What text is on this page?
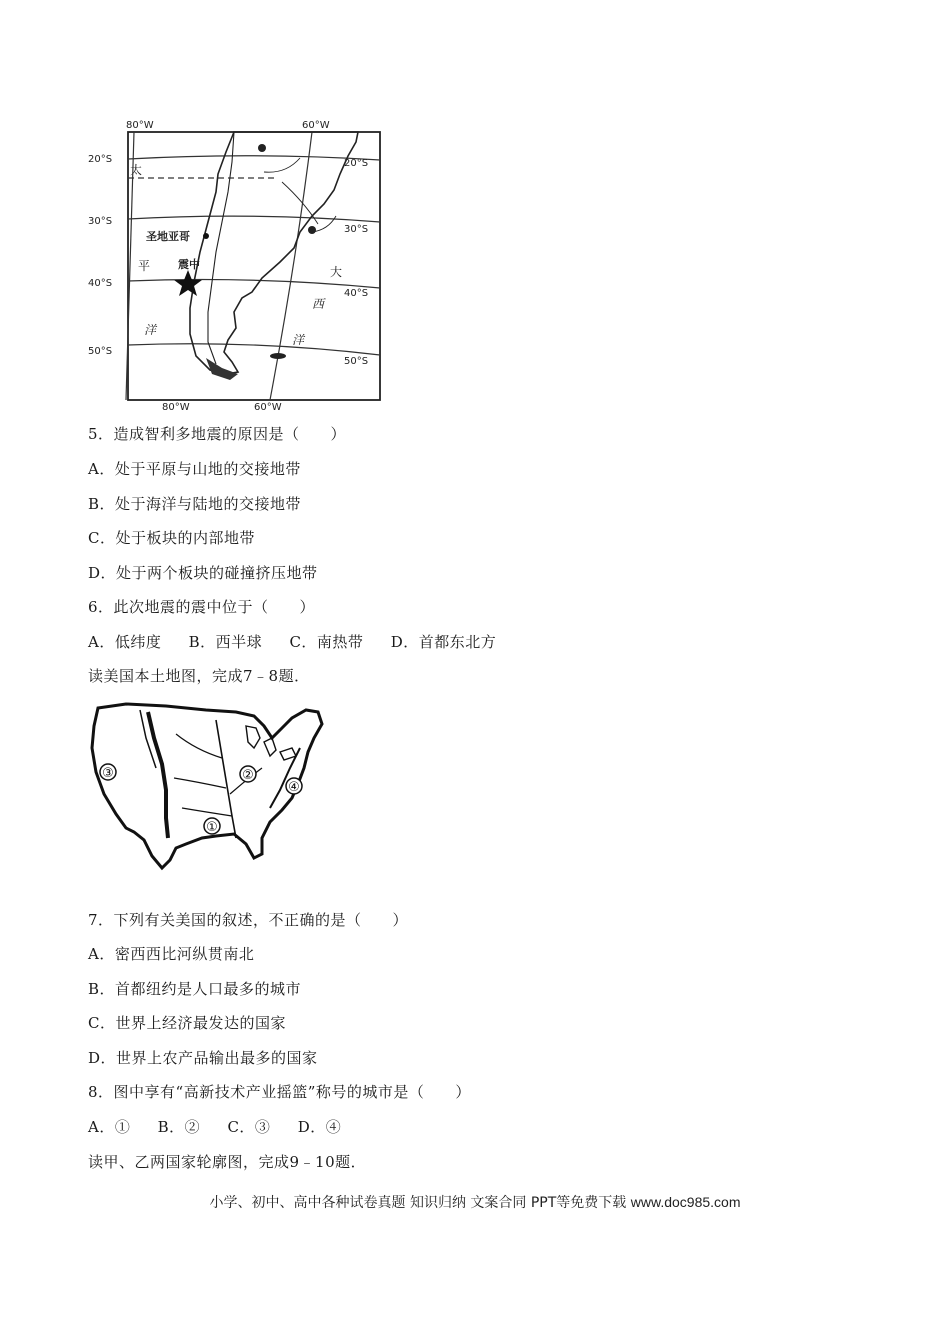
80°W	60°W
80°W	60°W
20°S
30°S
40°S
50°S
20°S
30°S
40°S
50°S
太
圣地亚哥
平	震中
洋
大
西
洋
5．造成智利多地震的原因是（　　）
A．处于平原与山地的交接地带
B．处于海洋与陆地的交接地带
C．处于板块的内部地带
D．处于两个板块的碰撞挤压地带
6．此次地震的震中位于（　　）
A．低纬度 B．西半球 C．南热带 D．首都东北方
读美国本土地图，完成7﹣8题．
③
①
②
④
7．下列有关美国的叙述，不正确的是（　　）
A．密西西比河纵贯南北
B．首都纽约是人口最多的城市
C．世界上经济最发达的国家
D．世界上农产品输出最多的国家
8．图中享有“高新技术产业摇篮”称号的城市是（　　）
A．① B．② C．③ D．④
读甲、乙两国家轮廓图，完成9﹣10题．
小学、初中、高中各种试卷真题 知识归纳 文案合同 PPT等免费下载 www.doc985.com
